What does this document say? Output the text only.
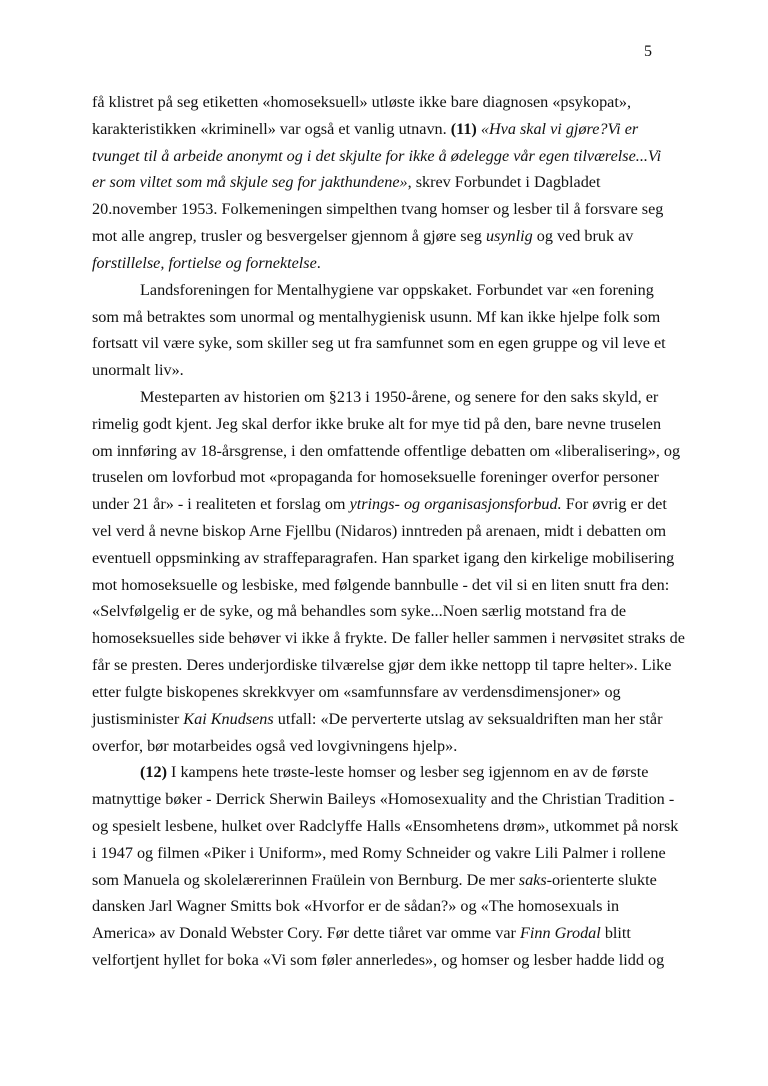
5
få klistret på seg etiketten «homoseksuell» utløste ikke bare diagnosen «psykopat»,
karakteristikken «kriminell» var også et vanlig utnavn. (11) «Hva skal vi gjøre?Vi er
tvunget til å arbeide anonymt og i det skjulte for ikke å ødelegge vår egen tilværelse...Vi
er som viltet som må skjule seg for jakthundene», skrev Forbundet i Dagbladet
20.november 1953. Folkemeningen simpelthen tvang homser og lesber til å forsvare seg
mot alle angrep, trusler og besvergelser gjennom å gjøre seg usynlig og ved bruk av
forstillelse, fortielse og fornektelse.
Landsforeningen for Mentalhygiene var oppskaket. Forbundet var «en forening
som må betraktes som unormal og mentalhygienisk usunn. Mf kan ikke hjelpe folk som
fortsatt vil være syke, som skiller seg ut fra samfunnet som en egen gruppe og vil leve et
unormalt liv».
Mesteparten av historien om §213 i 1950-årene, og senere for den saks skyld, er
rimelig godt kjent. Jeg skal derfor ikke bruke alt for mye tid på den, bare nevne truselen
om innføring av 18-årsgrense, i den omfattende offentlige debatten om «liberalisering», og
truselen om lovforbud mot «propaganda for homoseksuelle foreninger overfor personer
under 21 år» - i realiteten et forslag om ytrings- og organisasjonsforbud. For øvrig er det
vel verd å nevne biskop Arne Fjellbu (Nidaros) inntreden på arenaen, midt i debatten om
eventuell oppsminking av straffeparagrafen. Han sparket igang den kirkelige mobilisering
mot homoseksuelle og lesbiske, med følgende bannbulle - det vil si en liten snutt fra den:
«Selvfølgelig er de syke, og må behandles som syke...Noen særlig motstand fra de
homoseksuelles side behøver vi ikke å frykte. De faller heller sammen i nervøsitet straks de
får se presten. Deres underjordiske tilværelse gjør dem ikke nettopp til tapre helter». Like
etter fulgte biskopenes skrekkvyer om «samfunnsfare av verdensdimensjoner» og
justisminister Kai Knudsens utfall: «De perverterte utslag av seksualdriften man her står
overfor, bør motarbeides også ved lovgivningens hjelp».
(12) I kampens hete trøste-leste homser og lesber seg igjennom en av de første
matnyttige bøker - Derrick Sherwin Baileys «Homosexuality and the Christian Tradition -
og spesielt lesbene, hulket over Radclyffe Halls «Ensomhetens drøm», utkommet på norsk
i 1947 og filmen «Piker i Uniform», med Romy Schneider og vakre Lili Palmer i rollene
som Manuela og skolelærerinnen Fraülein von Bernburg. De mer saks-orienterte slukte
dansken Jarl Wagner Smitts bok «Hvorfor er de sådan?» og «The homosexuals in
America» av Donald Webster Cory. Før dette tiåret var omme var Finn Grodal blitt
velfortjent hyllet for boka «Vi som føler annerledes», og homser og lesber hadde lidd og
